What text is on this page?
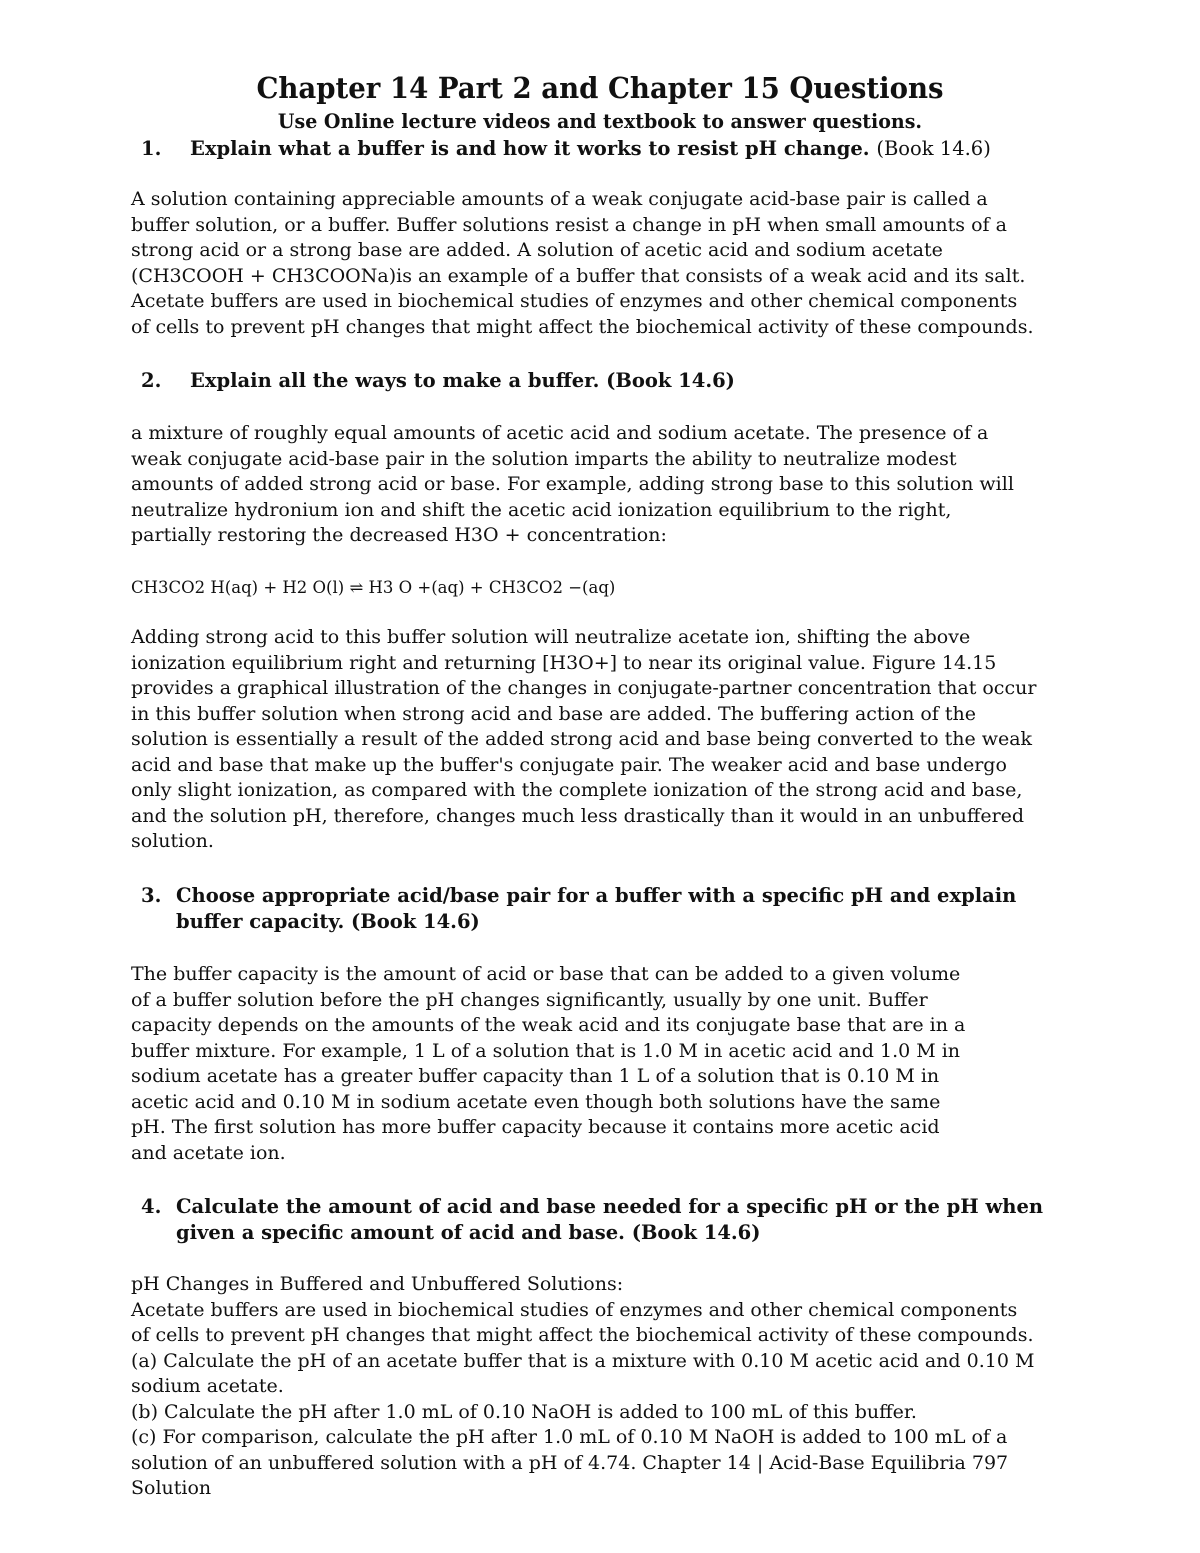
Chapter 14 Part 2 and Chapter 15 Questions
Use Online lecture videos and textbook to answer questions.
1. Explain what a buffer is and how it works to resist pH change. (Book 14.6)
A solution containing appreciable amounts of a weak conjugate acid-base pair is called a
buffer solution, or a buffer. Buffer solutions resist a change in pH when small amounts of a
strong acid or a strong base are added. A solution of acetic acid and sodium acetate
(CH3COOH + CH3COONa)is an example of a buffer that consists of a weak acid and its salt.
Acetate buffers are used in biochemical studies of enzymes and other chemical components
of cells to prevent pH changes that might affect the biochemical activity of these compounds.
2. Explain all the ways to make a buffer. (Book 14.6)
a mixture of roughly equal amounts of acetic acid and sodium acetate. The presence of a
weak conjugate acid-base pair in the solution imparts the ability to neutralize modest
amounts of added strong acid or base. For example, adding strong base to this solution will
neutralize hydronium ion and shift the acetic acid ionization equilibrium to the right,
partially restoring the decreased H3O + concentration:
CH3CO2 H(aq) + H2 O(l) ⇌ H3 O +(aq) + CH3CO2 −(aq)
Adding strong acid to this buffer solution will neutralize acetate ion, shifting the above
ionization equilibrium right and returning [H3O+] to near its original value. Figure 14.15
provides a graphical illustration of the changes in conjugate-partner concentration that occur
in this buffer solution when strong acid and base are added. The buffering action of the
solution is essentially a result of the added strong acid and base being converted to the weak
acid and base that make up the buffer's conjugate pair. The weaker acid and base undergo
only slight ionization, as compared with the complete ionization of the strong acid and base,
and the solution pH, therefore, changes much less drastically than it would in an unbuffered
solution.
3. Choose appropriate acid/base pair for a buffer with a specific pH and explain
buffer capacity. (Book 14.6)
The buffer capacity is the amount of acid or base that can be added to a given volume
of a buffer solution before the pH changes significantly, usually by one unit. Buffer
capacity depends on the amounts of the weak acid and its conjugate base that are in a
buffer mixture. For example, 1 L of a solution that is 1.0 M in acetic acid and 1.0 M in
sodium acetate has a greater buffer capacity than 1 L of a solution that is 0.10 M in
acetic acid and 0.10 M in sodium acetate even though both solutions have the same
pH. The first solution has more buffer capacity because it contains more acetic acid
and acetate ion.
4. Calculate the amount of acid and base needed for a specific pH or the pH when
given a specific amount of acid and base. (Book 14.6)
pH Changes in Buffered and Unbuffered Solutions:
Acetate buffers are used in biochemical studies of enzymes and other chemical components
of cells to prevent pH changes that might affect the biochemical activity of these compounds.
(a) Calculate the pH of an acetate buffer that is a mixture with 0.10 M acetic acid and 0.10 M
sodium acetate.
(b) Calculate the pH after 1.0 mL of 0.10 NaOH is added to 100 mL of this buffer.
(c) For comparison, calculate the pH after 1.0 mL of 0.10 M NaOH is added to 100 mL of a
solution of an unbuffered solution with a pH of 4.74. Chapter 14 | Acid-Base Equilibria 797
Solution
